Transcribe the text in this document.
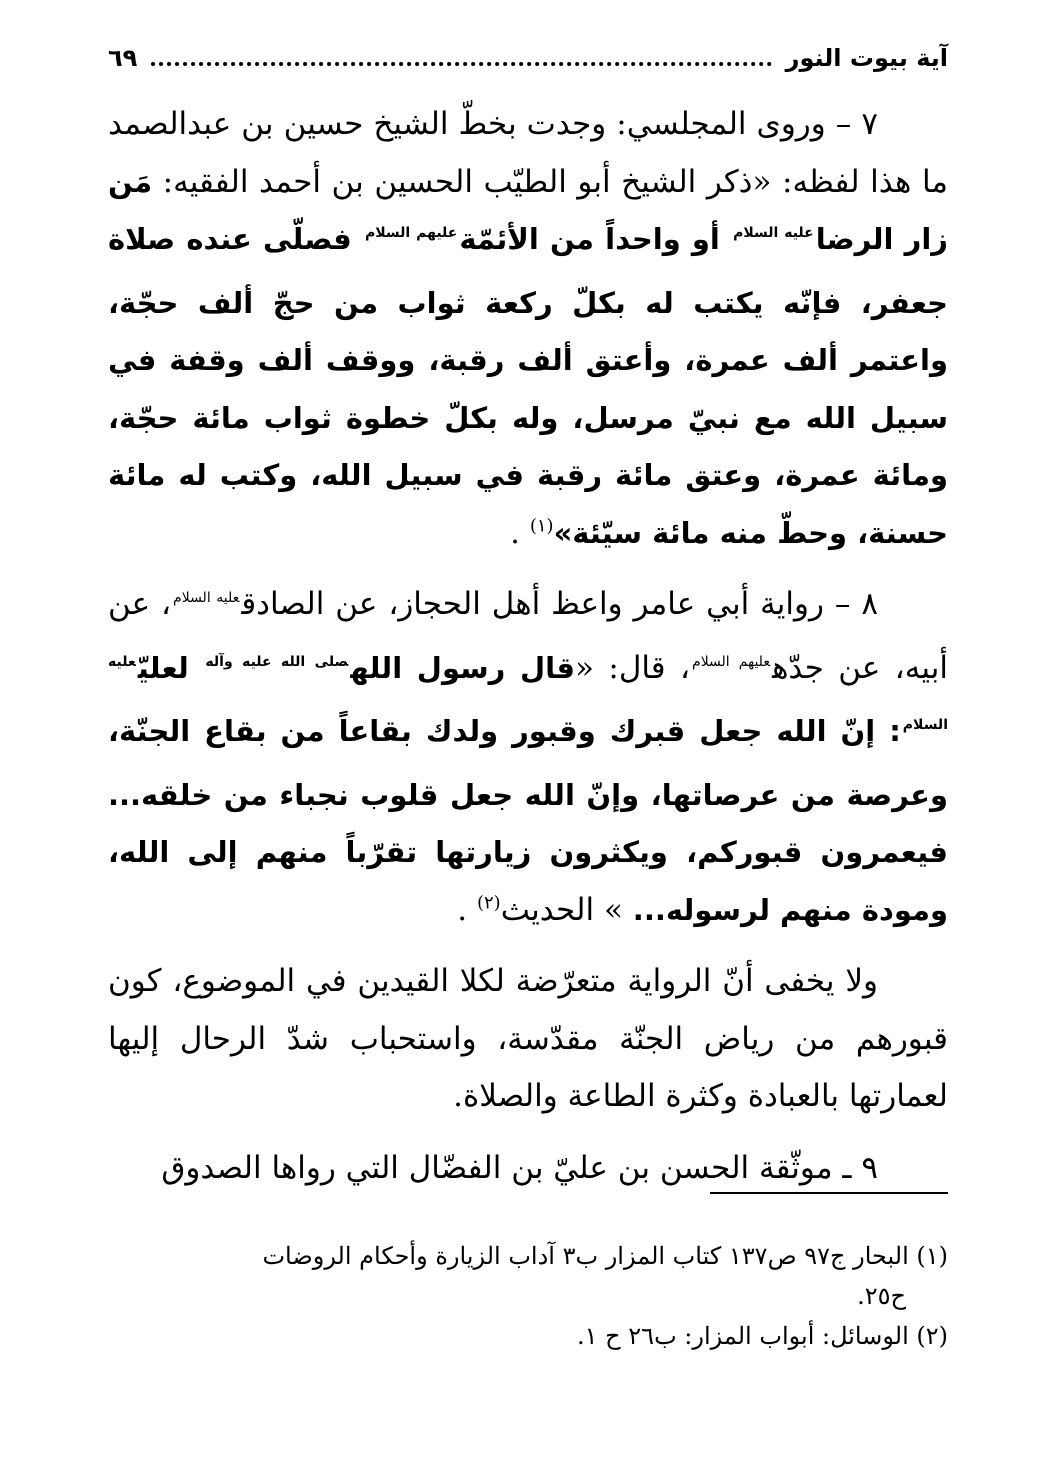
آية بيوت النور
٦٩

٧ – وروى المجلسي: وجدت بخطّ الشيخ حسين بن عبدالصمد ما هذا لفظه: «ذكر الشيخ أبو الطيّب الحسين بن أحمد الفقيه: مَن زار الرضا$^{عليه السلام}$ أو واحداً من الأئمّة$^{عليهم السلام}$ فصلّى عنده صلاة جعفر، فإنّه يكتب له بكلّ ركعة ثواب من حجّ ألف حجّة، واعتمر ألف عمرة، وأعتق ألف رقبة، ووقف ألف وقفة في سبيل الله مع نبيّ مرسل، وله بكلّ خطوة ثواب مائة حجّة، ومائة عمرة، وعتق مائة رقبة في سبيل الله، وكتب له مائة حسنة، وحطّ منه مائة سيّئة»$^{(١)}$ .

٨ – رواية أبي عامر واعظ أهل الحجاز، عن الصادق$^{عليه السلام}$، عن أبيه، عن جدّه$^{عليهم السلام}$، قال: «قال رسول الله$^{صلى الله عليه وآله}$ لعليّ$^{عليه السلام}$: إنّ الله جعل قبرك وقبور ولدك بقاعاً من بقاع الجنّة، وعرصة من عرصاتها، وإنّ الله جعل قلوب نجباء من خلقه... فيعمرون قبوركم، ويكثرون زيارتها تقرّباً منهم إلى الله، ومودة منهم لرسوله... » الحديث$^{(٢)}$ .

ولا يخفى أنّ الرواية متعرّضة لكلا القيدين في الموضوع، كون قبورهم من رياض الجنّة مقدّسة، واستحباب شدّ الرحال إليها لعمارتها بالعبادة وكثرة الطاعة والصلاة.

٩ ـ موثّقة الحسن بن عليّ بن الفضّال التي رواها الصدوق

(١) البحار ج٩٧ ص١٣٧ كتاب المزار ب٣ آداب الزيارة وأحكام الروضات
ح٢٥.
(٢) الوسائل: أبواب المزار: ب٢٦ ح ١.
